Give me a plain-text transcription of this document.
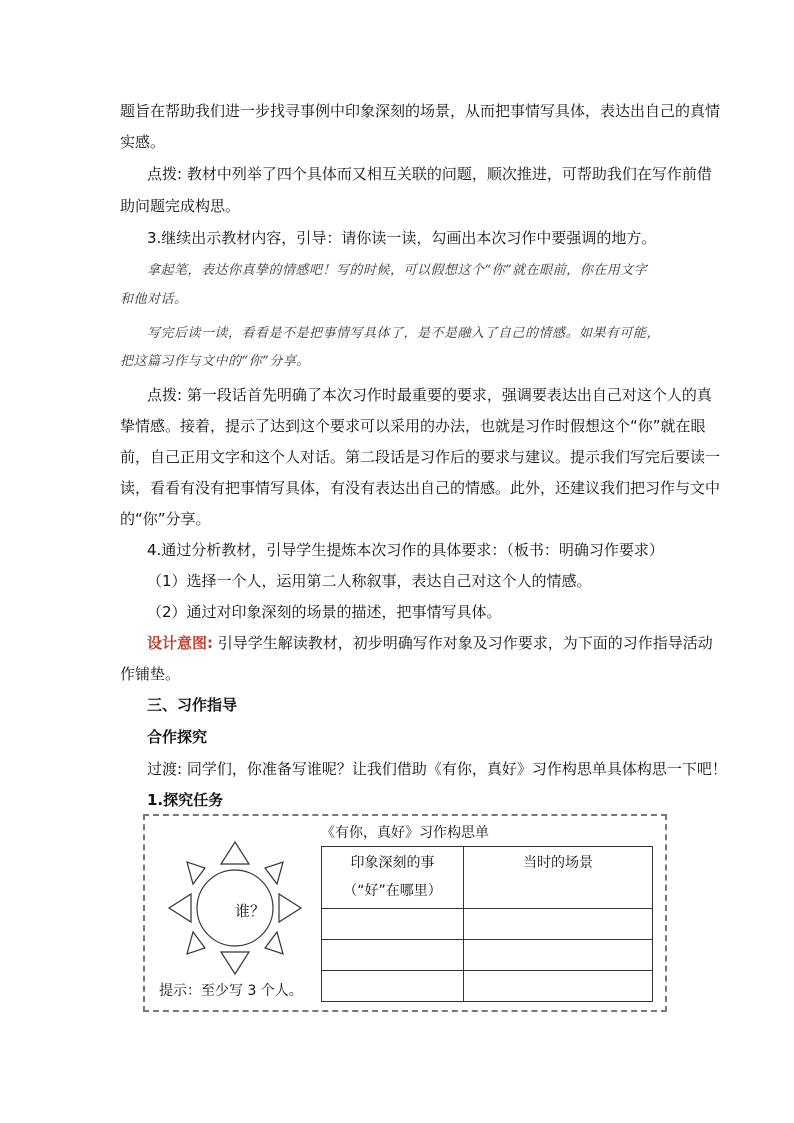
题旨在帮助我们进一步找寻事例中印象深刻的场景，从而把事情写具体，表达出自己的真情
实感。
点拨: 教材中列举了四个具体而又相互关联的问题，顺次推进，可帮助我们在写作前借
助问题完成构思。
3.继续出示教材内容，引导：请你读一读，勾画出本次习作中要强调的地方。
拿起笔，表达你真挚的情感吧！写的时候，可以假想这个“你”就在眼前，你在用文字
和他对话。
写完后读一读，看看是不是把事情写具体了，是不是融入了自己的情感。如果有可能，
把这篇习作与文中的“你”分享。
点拨: 第一段话首先明确了本次习作时最重要的要求，强调要表达出自己对这个人的真
挚情感。接着，提示了达到这个要求可以采用的办法，也就是习作时假想这个“你”就在眼
前，自己正用文字和这个人对话。第二段话是习作后的要求与建议。提示我们写完后要读一
读，看看有没有把事情写具体，有没有表达出自己的情感。此外，还建议我们把习作与文中
的“你”分享。
4.通过分析教材，引导学生提炼本次习作的具体要求：（板书：明确习作要求）
（1）选择一个人，运用第二人称叙事，表达自己对这个人的情感。
（2）通过对印象深刻的场景的描述，把事情写具体。
设计意图: 引导学生解读教材，初步明确写作对象及习作要求，为下面的习作指导活动
作铺垫。
三、习作指导
合作探究
过渡: 同学们，你准备写谁呢？让我们借助《有你，真好》习作构思单具体构思一下吧！
1.探究任务
《有你，真好》习作构思单
谁？
提示：至少写 3 个人。
印象深刻的事
（“好”在哪里）	当时的场景
